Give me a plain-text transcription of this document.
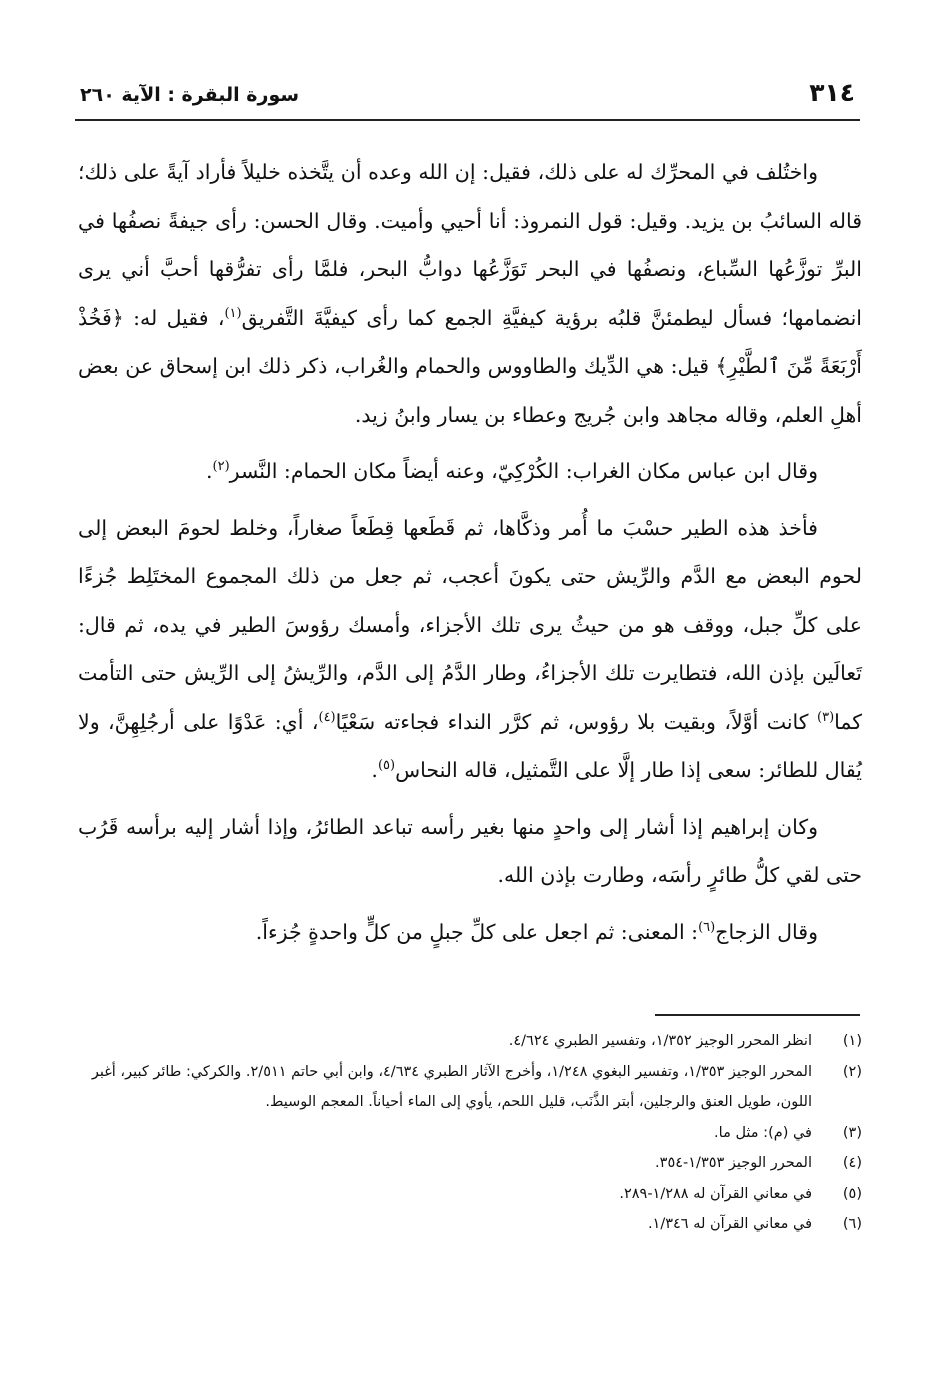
٣١٤
سورة البقرة : الآية ٢٦٠

واختُلف في المحرِّك له على ذلك، فقيل: إن الله وعده أن يتَّخذه خليلاً فأراد آيةً على ذلك؛ قاله السائبُ بن يزيد. وقيل: قول النمروذ: أنا أحيي وأميت. وقال الحسن: رأى جيفةً نصفُها في البرِّ توزَّعُها السِّباع، ونصفُها في البحر تَوَزَّعُها دوابُّ البحر، فلمَّا رأى تفرُّقها أحبَّ أني يرى انضمامها؛ فسأل ليطمئنَّ قلبُه برؤية كيفيَّةِ الجمع كما رأى كيفيَّةَ التَّفريق$^{(١)}$، فقيل له: ﴿فَخُذْ أَرْبَعَةً مِّنَ ٱلطَّيْرِ﴾ قيل: هي الدِّيك والطاووس والحمام والغُراب، ذكر ذلك ابن إسحاق عن بعض أهلِ العلم، وقاله مجاهد وابن جُريج وعطاء بن يسار وابنُ زيد.

وقال ابن عباس مكان الغراب: الكُرْكِيّ، وعنه أيضاً مكان الحمام: النَّسر$^{(٢)}$.

فأخذ هذه الطير حسْبَ ما أُمر وذكَّاها، ثم قَطَعها قِطَعاً صغاراً، وخلط لحومَ البعض إلى لحوم البعض مع الدَّم والرِّيش حتى يكونَ أعجب، ثم جعل من ذلك المجموع المختَلِط جُزءًا على كلِّ جبل، ووقف هو من حيثُ يرى تلك الأجزاء، وأمسك رؤوسَ الطير في يده، ثم قال: تَعالَين بإذن الله، فتطايرت تلك الأجزاءُ، وطار الدَّمُ إلى الدَّم، والرِّيشُ إلى الرِّيش حتى التأمت كما$^{(٣)}$ كانت أوَّلاً، وبقيت بلا رؤوس، ثم كرَّر النداء فجاءته سَعْيًا$^{(٤)}$، أي: عَدْوًا على أرجُلِهِنَّ، ولا يُقال للطائر: سعى إذا طار إلَّا على التَّمثيل، قاله النحاس$^{(٥)}$.

وكان إبراهيم إذا أشار إلى واحدٍ منها بغير رأسه تباعد الطائرُ، وإذا أشار إليه برأسه قَرُب حتى لقي كلُّ طائرٍ رأسَه، وطارت بإذن الله.

وقال الزجاج$^{(٦)}$: المعنى: ثم اجعل على كلِّ جبلٍ من كلٍّ واحدةٍ جُزءاً.

(١)
انظر المحرر الوجيز ١/٣٥٢، وتفسير الطبري ٤/٦٢٤.
(٢)
المحرر الوجيز ١/٣٥٣، وتفسير البغوي ١/٢٤٨، وأخرج الآثار الطبري ٤/٦٣٤، وابن أبي حاتم ٢/٥١١. والكركي: طائر كبير، أغبر اللون، طويل العنق والرجلين، أبتر الذَّنَب، قليل اللحم، يأوي إلى الماء أحياناً. المعجم الوسيط.
(٣)
في (م): مثل ما.
(٤)
المحرر الوجيز ١/٣٥٣-٣٥٤.
(٥)
في معاني القرآن له ١/٢٨٨-٢٨٩.
(٦)
في معاني القرآن له ١/٣٤٦.
